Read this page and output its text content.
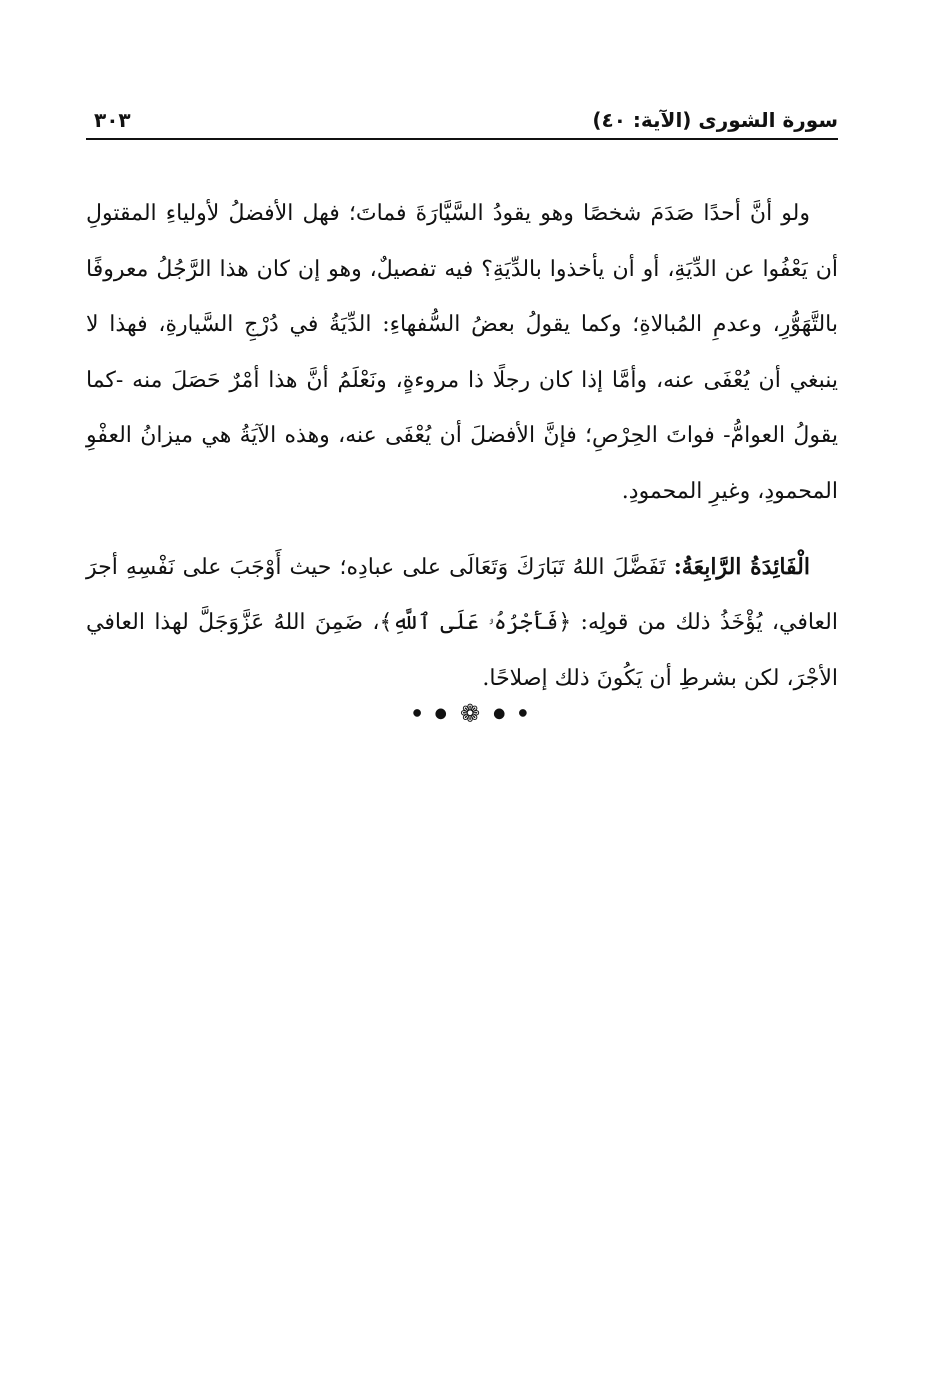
سورة الشورى (الآية: ٤٠)
٣٠٣

ولو أنَّ أحدًا صَدَمَ شخصًا وهو يقودُ السَّيَّارَةَ فماتَ؛ فهل الأفضلُ لأولياءِ المقتولِ أن يَعْفُوا عن الدِّيَةِ، أو أن يأخذوا بالدِّيَةِ؟ فيه تفصيلٌ، وهو إن كان هذا الرَّجُلُ معروفًا بالتَّهَوُّرِ، وعدمِ المُبالاةِ؛ وكما يقولُ بعضُ السُّفهاءِ: الدِّيَةُ في دُرْجِ السَّيارةِ، فهذا لا ينبغي أن يُعْفَى عنه، وأمَّا إذا كان رجلًا ذا مروءةٍ، ونَعْلَمُ أنَّ هذا أمْرٌ حَصَلَ منه -كما يقولُ العوامُّ- فواتَ الحِرْصِ؛ فإنَّ الأفضلَ أن يُعْفَى عنه، وهذه الآيَةُ هي ميزانُ العفْوِ المحمودِ، وغيرِ المحمودِ.

الْفَائِدَةُ الرَّابِعَةُ: تَفَضَّلَ اللهُ تَبَارَكَ وَتَعَالَى على عبادِه؛ حيث أَوْجَبَ على نَفْسِهِ أجرَ العافي، يُؤْخَذُ ذلك من قولِه: ﴿فَأَجْرُهُۥ عَلَى ٱللَّهِ﴾، ضَمِنَ اللهُ عَزَّوَجَلَّ لهذا العافي الأجْرَ، لكن بشرطِ أن يَكُونَ ذلك إصلاحًا.

● ● ❁ ● ●
